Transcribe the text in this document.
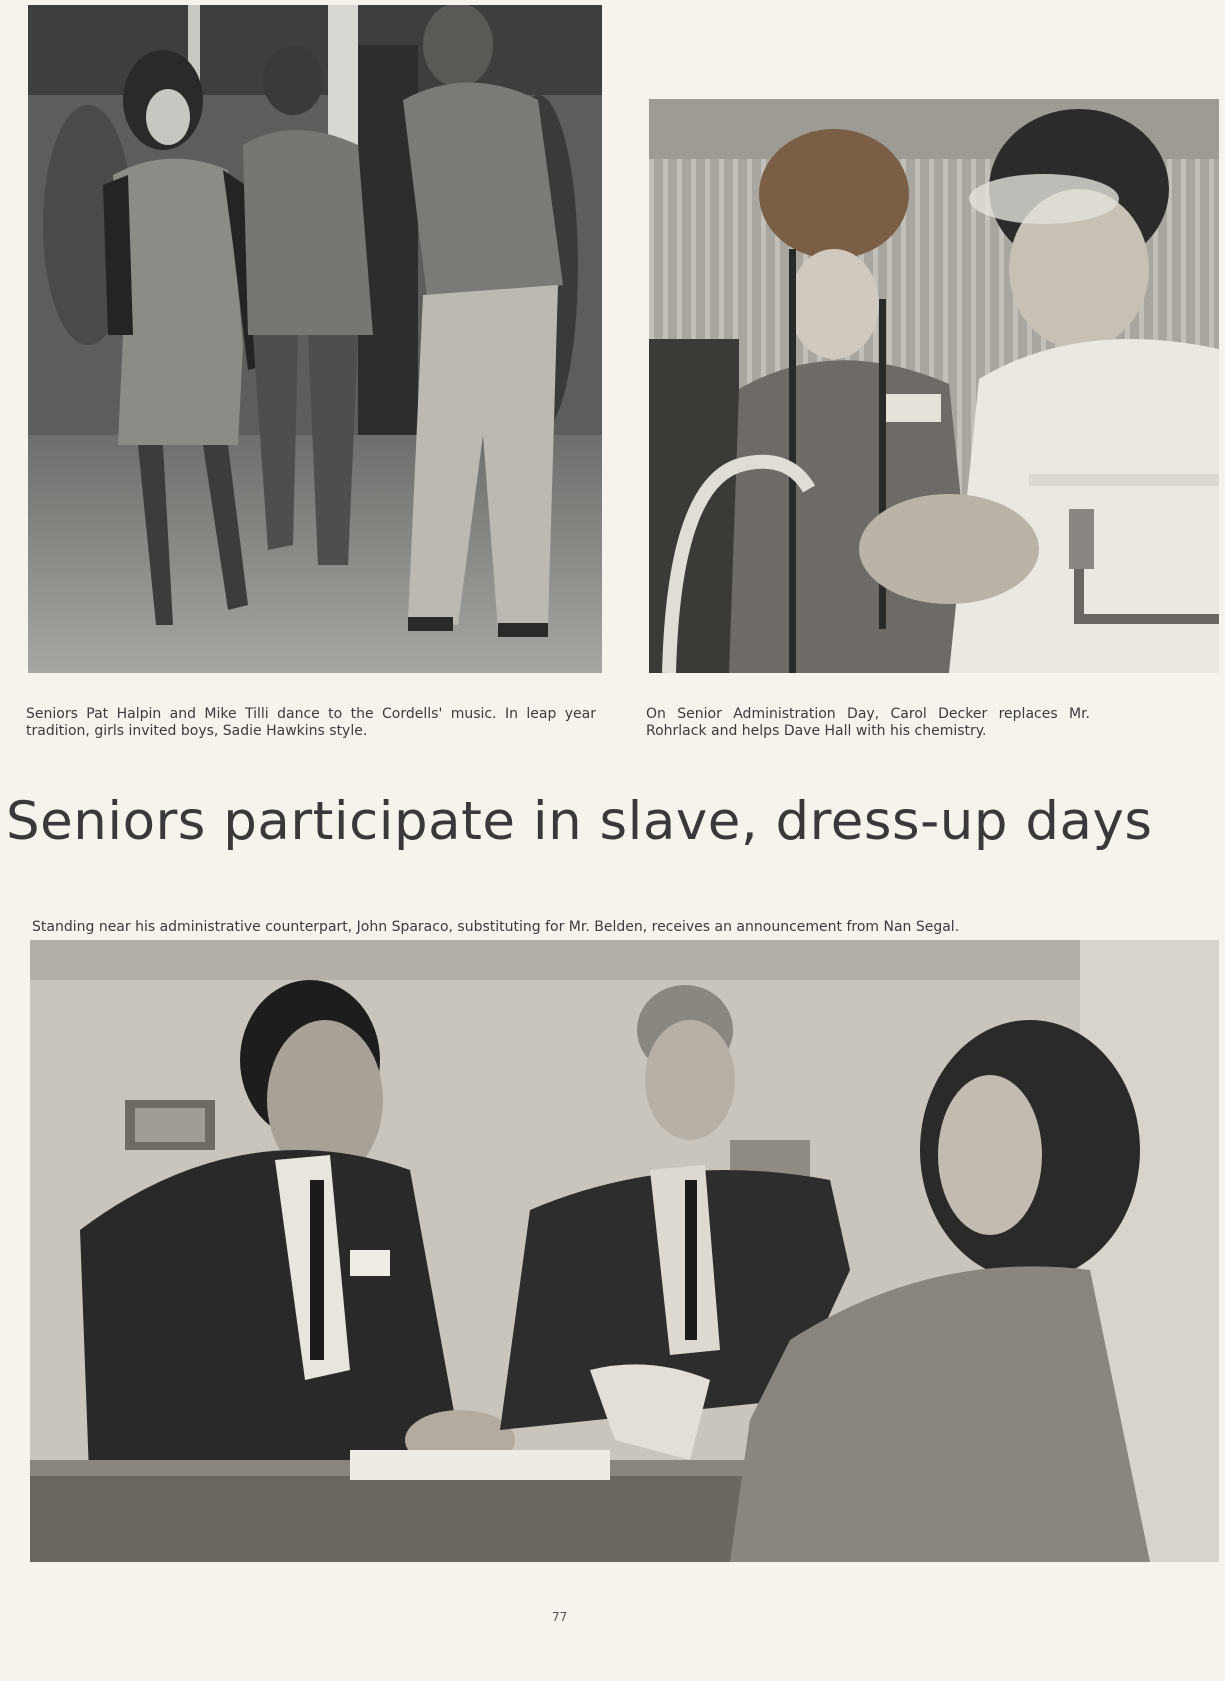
Seniors Pat Halpin and Mike Tilli dance to the Cordells' music. In leap year tradition, girls invited boys, Sadie Hawkins style.

On Senior Administration Day, Carol Decker replaces Mr. Rohrlack and helps Dave Hall with his chemistry.

Seniors participate in slave, dress-up days

Standing near his administrative counterpart, John Sparaco, substituting for Mr. Belden, receives an announcement from Nan Segal.

77
